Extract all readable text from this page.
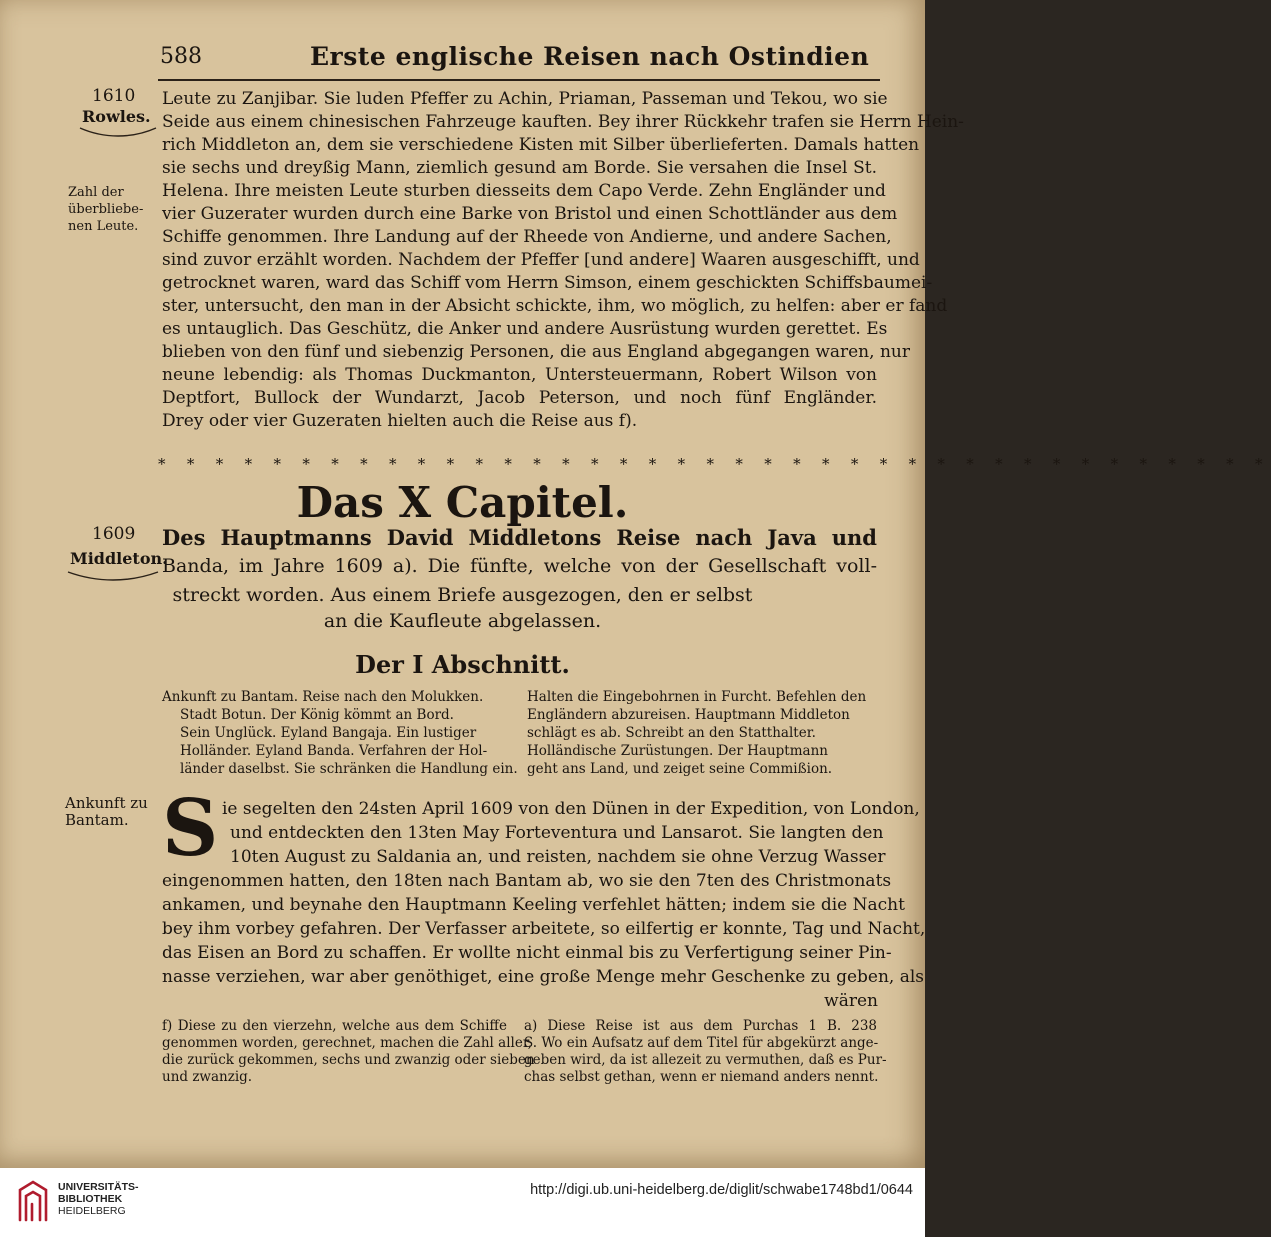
588	Erste englische Reisen nach Ostindien
1610
Rowles.
Zahl der
überbliebe-
nen Leute.
Leute zu Zanjibar. Sie luden Pfeffer zu Achin, Priaman, Passeman und Tekou, wo sie
Seide aus einem chinesischen Fahrzeuge kauften. Bey ihrer Rückkehr trafen sie Herrn Hein-
rich Middleton an, dem sie verschiedene Kisten mit Silber überlieferten. Damals hatten
sie sechs und dreyßig Mann, ziemlich gesund am Borde. Sie versahen die Insel St.
Helena. Ihre meisten Leute sturben diesseits dem Capo Verde. Zehn Engländer und
vier Guzerater wurden durch eine Barke von Bristol und einen Schottländer aus dem
Schiffe genommen. Ihre Landung auf der Rheede von Andierne, und andere Sachen,
sind zuvor erzählt worden. Nachdem der Pfeffer [und andere] Waaren ausgeschifft, und
getrocknet waren, ward das Schiff vom Herrn Simson, einem geschickten Schiffsbaumei-
ster, untersucht, den man in der Absicht schickte, ihm, wo möglich, zu helfen: aber er fand
es untauglich. Das Geschütz, die Anker und andere Ausrüstung wurden gerettet. Es
blieben von den fünf und siebenzig Personen, die aus England abgegangen waren, nur
neune lebendig: als Thomas Duckmanton, Untersteuermann, Robert Wilson von
Deptfort, Bullock der Wundarzt, Jacob Peterson, und noch fünf Engländer.
Drey oder vier Guzeraten hielten auch die Reise aus f).
* * * * * * * * * * * * * * * * * * * * * * * * * * * * * * * * * * * * * * *
Das X Capitel.
1609
Middleton.
Des Hauptmanns David Middletons Reise nach Java und
Banda, im Jahre 1609 a). Die fünfte, welche von der Gesellschaft voll-
streckt worden. Aus einem Briefe ausgezogen, den er selbst
an die Kaufleute abgelassen.
Der I Abschnitt.
Ankunft zu Bantam. Reise nach den Molukken.
Stadt Botun. Der König kömmt an Bord.
Sein Unglück. Eyland Bangaja. Ein lustiger
Holländer. Eyland Banda. Verfahren der Hol-
länder daselbst. Sie schränken die Handlung ein.
Halten die Eingebohrnen in Furcht. Befehlen den
Engländern abzureisen. Hauptmann Middleton
schlägt es ab. Schreibt an den Statthalter.
Holländische Zurüstungen. Der Hauptmann
geht ans Land, und zeiget seine Commißion.
Ankunft zu
Bantam. S ie segelten den 24sten April 1609 von den Dünen in der Expedition, von London,
und entdeckten den 13ten May Forteventura und Lansarot. Sie langten den
10ten August zu Saldania an, und reisten, nachdem sie ohne Verzug Wasser
eingenommen hatten, den 18ten nach Bantam ab, wo sie den 7ten des Christmonats
ankamen, und beynahe den Hauptmann Keeling verfehlet hätten; indem sie die Nacht
bey ihm vorbey gefahren. Der Verfasser arbeitete, so eilfertig er konnte, Tag und Nacht,
das Eisen an Bord zu schaffen. Er wollte nicht einmal bis zu Verfertigung seiner Pin-
nasse verziehen, war aber genöthiget, eine große Menge mehr Geschenke zu geben, als
wären
f) Diese zu den vierzehn, welche aus dem Schiffe
genommen worden, gerechnet, machen die Zahl aller,
die zurück gekommen, sechs und zwanzig oder sieben
und zwanzig.
a) Diese Reise ist aus dem Purchas 1 B. 238
S. Wo ein Aufsatz auf dem Titel für abgekürzt ange-
geben wird, da ist allezeit zu vermuthen, daß es Pur-
chas selbst gethan, wenn er niemand anders nennt.
UNIVERSITÄTS-
BIBLIOTHEK
HEIDELBERG
http://digi.ub.uni-heidelberg.de/diglit/schwabe1748bd1/0644
